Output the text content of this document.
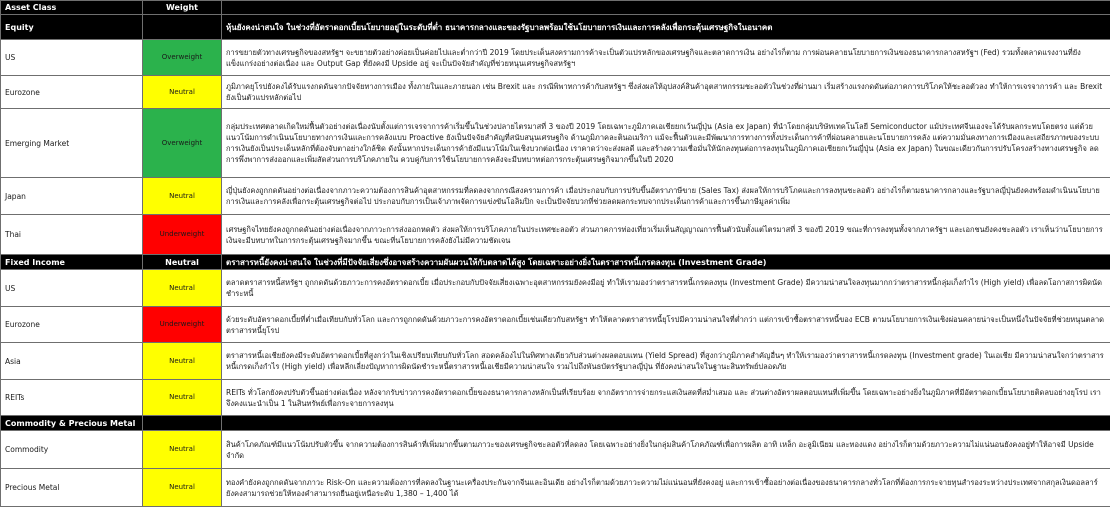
Asset Class	Weight	
Equity	Overweight	หุ้นยังคงน่าสนใจ ในช่วงที่อัตราดอกเบี้ยนโยบายอยู่ในระดับที่ต่ำ ธนาคารกลางและของรัฐบาลพร้อมใช้นโยบายการเงินและการคลังเพื่อกระตุ้นเศรษฐกิจในอนาคต
US	Overweight	การขยายตัวทางเศรษฐกิจของสหรัฐฯ จะขยายตัวอย่างค่อยเป็นค่อยไปและต่ำกว่าปี 2019 โดยประเด็นสงครามการค้าจะเป็นตัวแปรหลักของเศรษฐกิจและตลาดการเงิน อย่างไรก็ตาม การผ่อนคลายนโยบายการเงินของธนาคารกลางสหรัฐฯ (Fed) รวมทั้งตลาดแรงงานที่ยังแข็งแกร่งอย่างต่อเนื่อง และ Output Gap ที่ยังคงมี Upside อยู่ จะเป็นปัจจัยสำคัญที่ช่วยหนุนเศรษฐกิจสหรัฐฯ
Eurozone	Neutral	ภูมิภาคยุโรปยังคงได้รับแรงกดดันจากปัจจัยทางการเมือง ทั้งภายในและภายนอก เช่น Brexit และ กรณีพิพาทการค้ากับสหรัฐฯ ซึ่งส่งผลให้อุปสงค์สินค้าอุตสาหกรรมชะลอตัวในช่วงที่ผ่านมา เริ่มสร้างแรงกดดันต่อภาคการบริโภคให้ชะลอตัวลง ทำให้การเจรจาการค้า และ Brexit ยังเป็นตัวแปรหลักต่อไป
Emerging Market	Overweight	กลุ่มประเทศตลาดเกิดใหม่ฟื้นตัวอย่างต่อเนื่องนับตั้งแต่การเจรจาการค้าเริ่มขึ้นในช่วงปลายไตรมาสที่ 3 ของปี 2019 โดยเฉพาะภูมิภาคเอเชียยกเว้นญี่ปุ่น (Asia ex Japan) ที่นำโดยกลุ่มบริษัทเทคโนโลยี Semiconductor แม้ประเทศจีนเองจะได้รับผลกระทบโดยตรง แต่ด้วยแนวโน้มการดำเนินนโยบายทางการเงินและการคลังแบบ Proactive ยังเป็นปัจจัยสำคัญที่สนับสนุนเศรษฐกิจ ด้านภูมิภาคละตินอเมริกา แม้จะฟื้นตัวและมีพัฒนาการทางการทั้งประเด็นการค้าที่ผ่อนคลายและนโยบายการคลัง แต่ความมั่นคงทางการเมืองและเสถียรภาพของระบบการเงินยังเป็นประเด็นหลักที่ต้องจับตาอย่างใกล้ชิด ดังนั้นหากประเด็นการค้ายังมีแนวโน้มในเชิงบวกต่อเนื่อง เราคาดว่าจะส่งผลดี และสร้างความเชื่อมั่นให้นักลงทุนต่อการลงทุนในภูมิภาคเอเชียยกเว้นญี่ปุ่น (Asia ex Japan) ในขณะเดียวกันการปรับโครงสร้างทางเศรษฐกิจ ลดการพึ่งพาการส่งออกและเพิ่มสัดส่วนการบริโภคภายใน ควบคู่กับการใช้นโยบายการคลังจะมีบทบาทต่อการกระตุ้นเศรษฐกิจมากขึ้นในปี 2020
Japan	Neutral	ญี่ปุ่นยังคงถูกกดดันอย่างต่อเนื่องจากภาวะความต้องการสินค้าอุตสาหกรรมที่ลดลงจากกรณีสงครามการค้า เมื่อประกอบกับการปรับขึ้นอัตราภาษีขาย (Sales Tax) ส่งผลให้การบริโภคและการลงทุนชะลอตัว อย่างไรก็ตามธนาคารกลางและรัฐบาลญี่ปุ่นยังคงพร้อมดำเนินนโยบายการเงินและการคลังเพื่อกระตุ้นเศรษฐกิจต่อไป ประกอบกับการเป็นเจ้าภาพจัดการแข่งขันโอลิมปิก จะเป็นปัจจัยบวกที่ช่วยลดผลกระทบจากประเด็นการค้าและการขึ้นภาษีมูลค่าเพิ่ม
Thai	Underweight	เศรษฐกิจไทยยังคงถูกกดดันอย่างต่อเนื่องจากภาวะการส่งออกหดตัว ส่งผลให้การบริโภคภายในประเทศชะลอตัว ส่วนภาคการท่องเที่ยวเริ่มเห็นสัญญาณการฟื้นตัวนับตั้งแต่ไตรมาสที่ 3 ของปี 2019 ขณะที่การลงทุนทั้งจากภาครัฐฯ และเอกชนยังคงชะลอตัว เราเห็นว่านโยบายการเงินจะมีบทบาทในการกระตุ้นเศรษฐกิจมากขึ้น ขณะที่นโยบายการคลังยังไม่มีความชัดเจน
Fixed Income	Neutral	ตราสารหนี้ยังคงน่าสนใจ ในช่วงที่มีปัจจัยเสี่ยงซึ่งอาจสร้างความผันผวนให้กับตลาดได้สูง โดยเฉพาะอย่างยิ่งในตราสารหนี้เกรดลงทุน (Investment Grade)
US	Neutral	ตลาดตราสารหนี้สหรัฐฯ ถูกกดดันด้วยภาวะการคงอัตราดอกเบี้ย เมื่อประกอบกับปัจจัยเสี่ยงเฉพาะอุตสาหกรรมยังคงมีอยู่ ทำให้เรามองว่าตราสารหนี้เกรดลงทุน (Investment Grade) มีความน่าสนใจลงทุนมากกว่าตราสารหนี้กลุ่มเก็งกำไร (High yield) เพื่อลดโอกาสการผิดนัดชำระหนี้
Eurozone	Underweight	ด้วยระดับอัตราดอกเบี้ยที่ต่ำเมื่อเทียบกับทั่วโลก และการถูกกดดันด้วยภาวะการคงอัตราดอกเบี้ยเช่นเดียวกับสหรัฐฯ ทำให้ตลาดตราสารหนี้ยุโรปมีความน่าสนใจที่ต่ำกว่า แต่การเข้าซื้อตราสารหนี้ของ ECB ตามนโยบายการเงินเชิงผ่อนคลายน่าจะเป็นหนึ่งในปัจจัยที่ช่วยหนุนตลาดตราสารหนี้ยุโรป
Asia	Neutral	ตราสารหนี้เอเชียยังคงมีระดับอัตราดอกเบี้ยที่สูงกว่าในเชิงเปรียบเทียบกับทั่วโลก สอดคล้องไปในทิศทางเดียวกับส่วนต่างผลตอบแทน (Yield Spread) ที่สูงกว่าภูมิภาคสำคัญอื่นๆ ทำให้เรามองว่าตราสารหนี้เกรดลงทุน (Investment grade) ในเอเชีย มีความน่าสนใจกว่าตราสารหนี้เกรดเก็งกำไร (High yield) เพื่อหลีกเลี่ยงปัญหาการผิดนัดชำระหนี้ตราสารหนี้เอเชียมีความน่าสนใจ รวมไปถึงพันธบัตรรัฐบาลญี่ปุ่น ที่ยังคงน่าสนใจในฐานะสินทรัพย์ปลอดภัย
REITs	Neutral	REITs ทั่วโลกยังคงปรับตัวขึ้นอย่างต่อเนื่อง หลังจากรับข่าวการคงอัตราดอกเบี้ยของธนาคารกลางหลักเป็นที่เรียบร้อย จากอัตราการจ่ายกระแสเงินสดที่สม่ำเสมอ และ ส่วนต่างอัตราผลตอบแทนที่เพิ่มขึ้น โดยเฉพาะอย่างยิ่งในภูมิภาคที่มีอัตราดอกเบี้ยนโยบายติดลบอย่างยุโรป เราจึงคงแนะนำเป็น 1 ในสินทรัพย์เพื่อกระจายการลงทุน
Commodity & Precious Metal		
Commodity	Neutral	สินค้าโภคภัณฑ์มีแนวโน้มปรับตัวขึ้น จากความต้องการสินค้าที่เพิ่มมากขึ้นตามภาวะของเศรษฐกิจชะลอตัวที่ลดลง โดยเฉพาะอย่างยิ่งในกลุ่มสินค้าโภคภัณฑ์เพื่อการผลิต อาทิ เหล็ก อะลูมิเนียม และทองแดง อย่างไรก็ตามด้วยภาวะความไม่แน่นอนยังคงอยู่ทำให้อาจมี Upside จำกัด
Precious Metal	Neutral	ทองคำยังคงถูกกดดันจากภาวะ Risk-On และความต้องการที่ลดลงในฐานะเครื่องประกันจากจีนและอินเดีย อย่างไรก็ตามด้วยภาวะความไม่แน่นอนที่ยังคงอยู่ และการเข้าซื้ออย่างต่อเนื่องของธนาคารกลางทั่วโลกที่ต้องการกระจายทุนสำรองระหว่างประเทศจากสกุลเงินดอลลาร์ ยังคงสามารถช่วยให้ทองคำสามารถยืนอยู่เหนือระดับ 1,380 – 1,400 ได้
